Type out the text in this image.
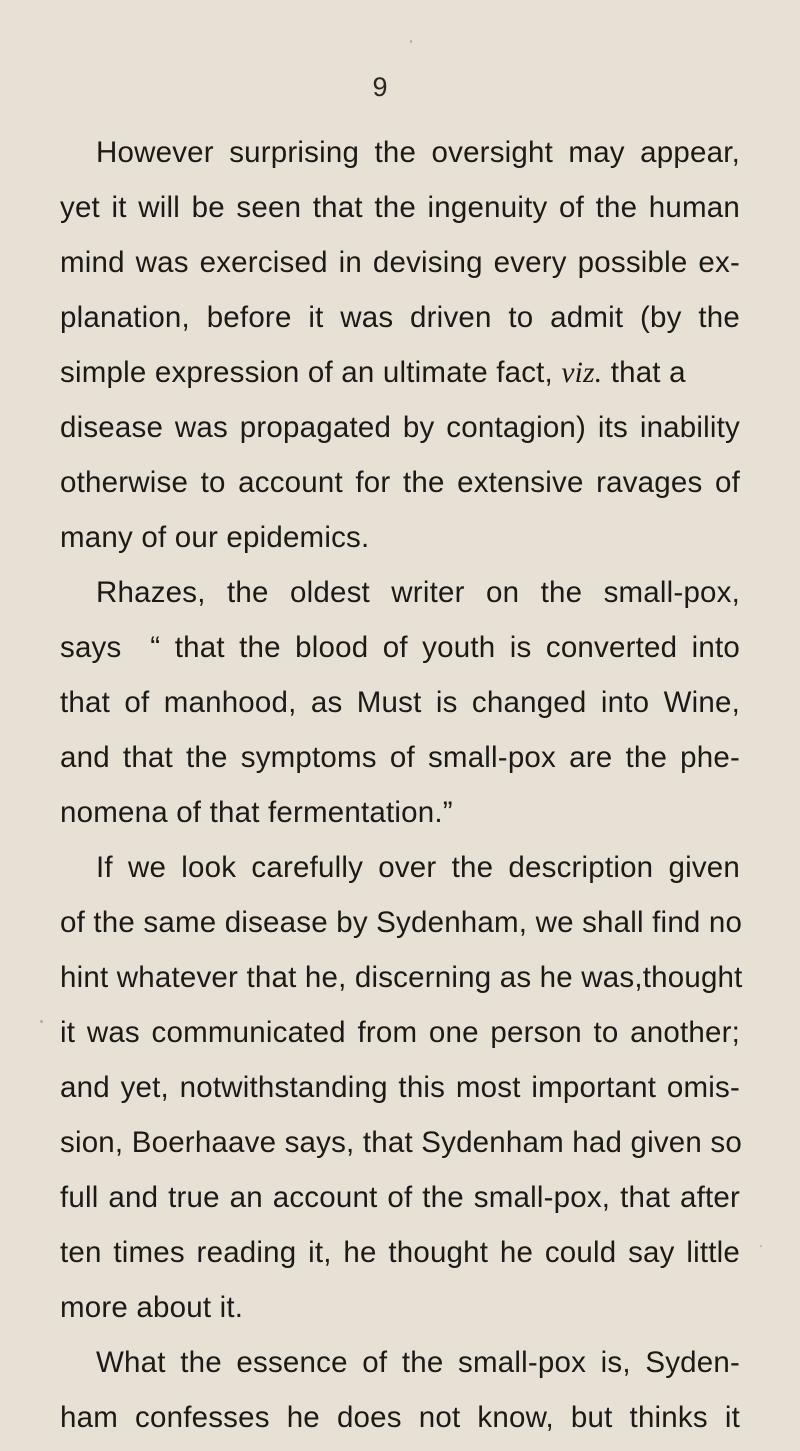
9
However surprising the oversight may appear,
yet it will be seen that the ingenuity of the human
mind was exercised in devising every possible ex-
planation, before it was driven to admit (by the
simple expression of an ultimate fact, viz. that a
disease was propagated by contagion) its inability
otherwise to account for the extensive ravages of
many of our epidemics.
Rhazes, the oldest writer on the small-pox,
says  “ that the blood of youth is converted into
that of manhood, as Must is changed into Wine,
and that the symptoms of small-pox are the phe-
nomena of that fermentation.”
If we look carefully over the description given
of the same disease by Sydenham, we shall find no
hint whatever that he, discerning as he was,thought
it was communicated from one person to another;
and yet, notwithstanding this most important omis-
sion, Boerhaave says, that Sydenham had given so
full and true an account of the small-pox, that after
ten times reading it, he thought he could say little
more about it.
What the essence of the small-pox is, Syden-
ham confesses he does not know, but thinks it
